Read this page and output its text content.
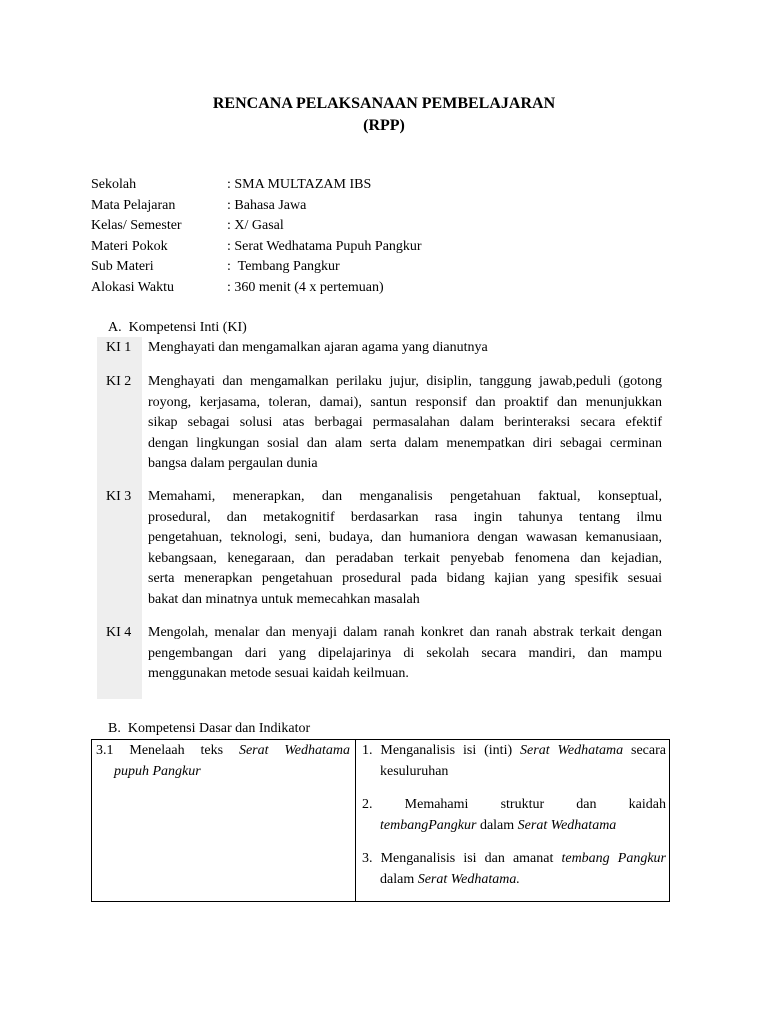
RENCANA PELAKSANAAN PEMBELAJARAN
(RPP)
Sekolah	: SMA MULTAZAM IBS
Mata Pelajaran	: Bahasa Jawa
Kelas/ Semester	: X/ Gasal
Materi Pokok	: Serat Wedhatama Pupuh Pangkur
Sub Materi	:  Tembang Pangkur
Alokasi Waktu	: 360 menit (4 x pertemuan)
A.  Kompetensi Inti (KI)
KI 1 Menghayati dan mengamalkan ajaran agama yang dianutnya
KI 2 Menghayati dan mengamalkan perilaku jujur, disiplin, tanggung jawab,peduli (gotong
royong, kerjasama, toleran, damai), santun responsif dan proaktif dan menunjukkan
sikap sebagai solusi atas berbagai permasalahan dalam berinteraksi secara efektif
dengan lingkungan sosial dan alam serta dalam menempatkan diri sebagai cerminan
bangsa dalam pergaulan dunia
KI 3 Memahami, menerapkan, dan menganalisis pengetahuan faktual, konseptual,
prosedural, dan metakognitif berdasarkan rasa ingin tahunya tentang ilmu
pengetahuan, teknologi, seni, budaya, dan humaniora dengan wawasan kemanusiaan,
kebangsaan, kenegaraan, dan peradaban terkait penyebab fenomena dan kejadian,
serta menerapkan pengetahuan prosedural pada bidang kajian yang spesifik sesuai
bakat dan minatnya untuk memecahkan masalah
KI 4 Mengolah, menalar dan menyaji dalam ranah konkret dan ranah abstrak terkait dengan
pengembangan dari yang dipelajarinya di sekolah secara mandiri, dan mampu
menggunakan metode sesuai kaidah keilmuan.
B.  Kompetensi Dasar dan Indikator
3.1 Menelaah teks Serat Wedhatama
pupuh Pangkur
1. Menganalisis isi (inti) Serat Wedhatama secara
kesuluruhan
2. Memahami struktur dan kaidah
tembangPangkur dalam Serat Wedhatama
3. Menganalisis isi dan amanat tembang Pangkur
dalam Serat Wedhatama.
